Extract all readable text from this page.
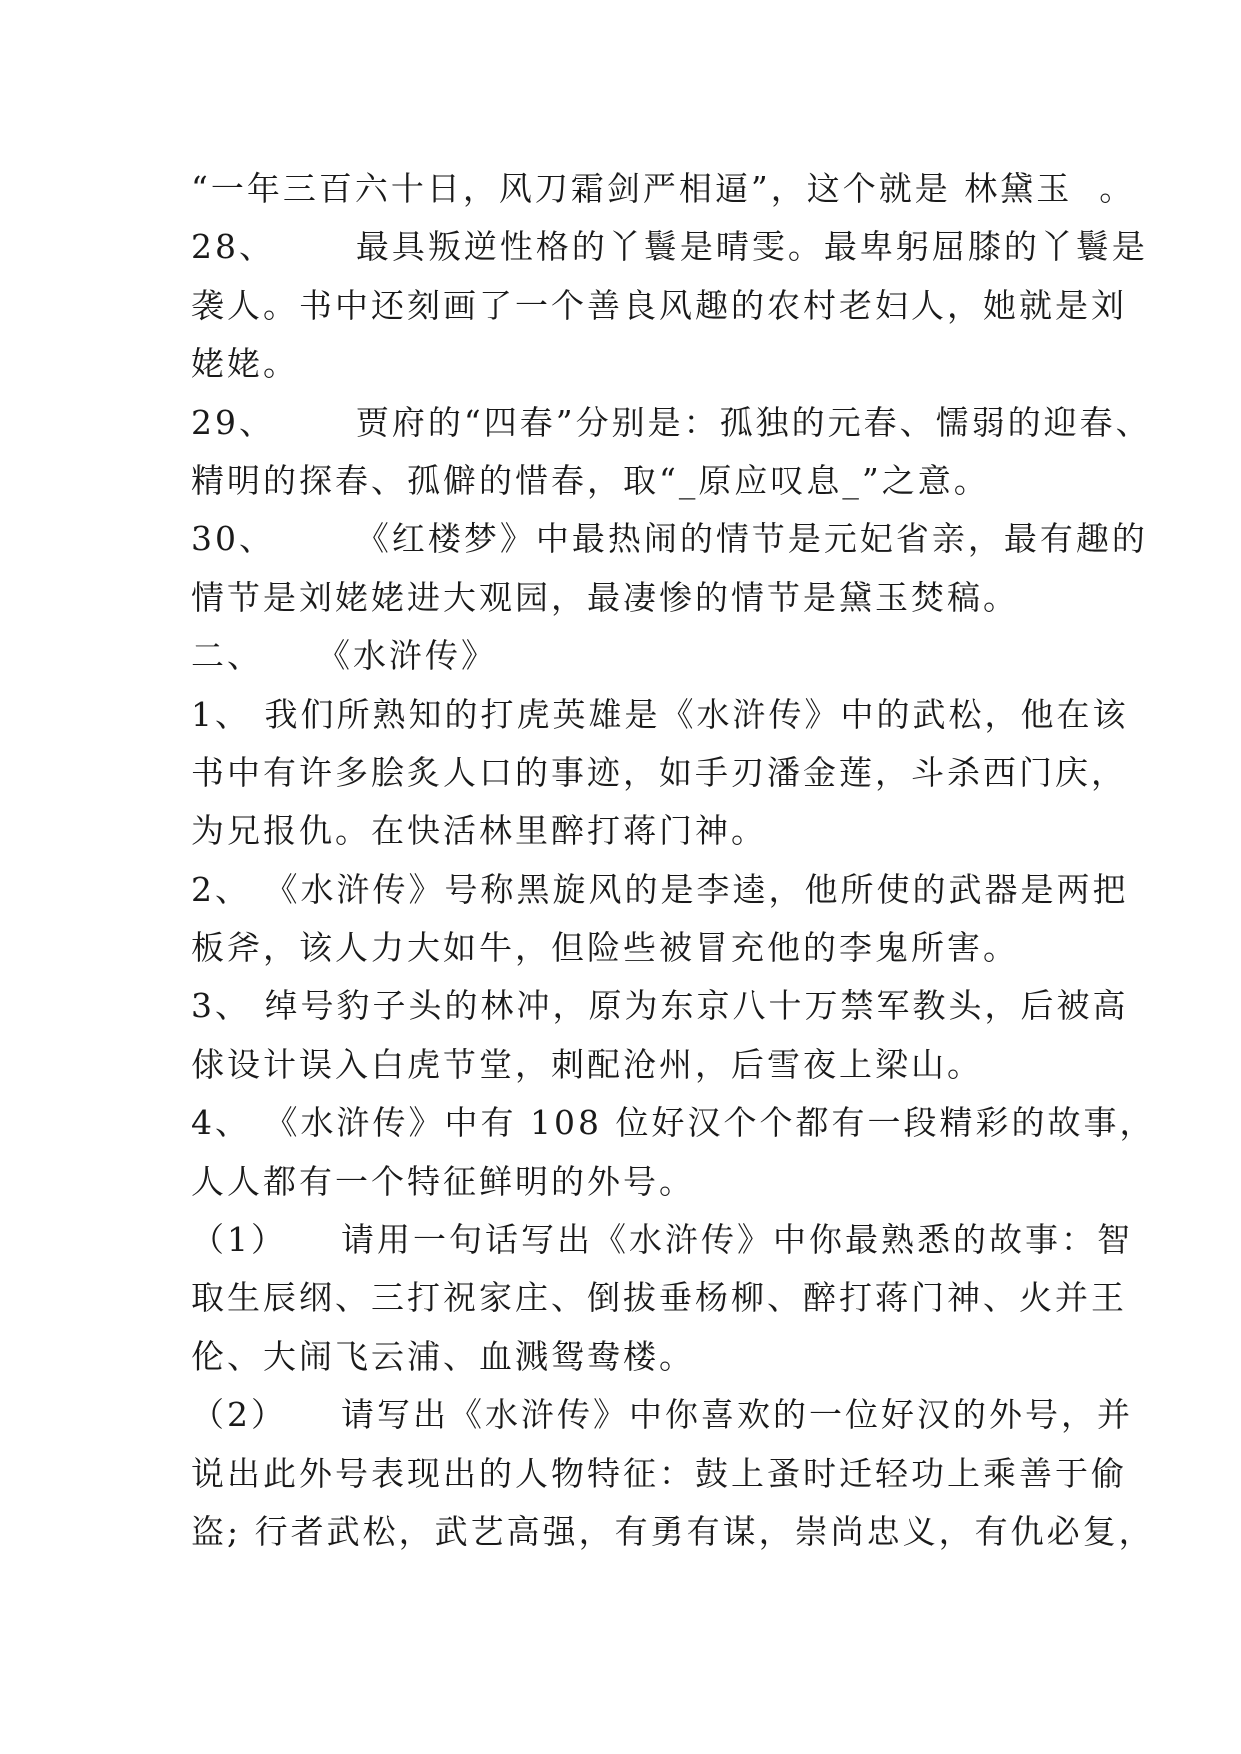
“一年三百六十日，风刀霜剑严相逼”，这个就是 林黛玉  。
28、      最具叛逆性格的丫鬟是晴雯。最卑躬屈膝的丫鬟是
袭人。书中还刻画了一个善良风趣的农村老妇人，她就是刘
姥姥。
29、      贾府的“四春”分别是：孤独的元春、懦弱的迎春、
精明的探春、孤僻的惜春，取“_原应叹息_”之意。
30、      《红楼梦》中最热闹的情节是元妃省亲，最有趣的
情节是刘姥姥进大观园，最凄惨的情节是黛玉焚稿。
二、    《水浒传》
1、 我们所熟知的打虎英雄是《水浒传》中的武松，他在该
书中有许多脍炙人口的事迹，如手刃潘金莲，斗杀西门庆，
为兄报仇。在快活林里醉打蒋门神。
2、 《水浒传》号称黑旋风的是李逵，他所使的武器是两把
板斧，该人力大如牛，但险些被冒充他的李鬼所害。
3、 绰号豹子头的林冲，原为东京八十万禁军教头，后被高
俅设计误入白虎节堂，刺配沧州，后雪夜上梁山。
4、 《水浒传》中有 108 位好汉个个都有一段精彩的故事，
人人都有一个特征鲜明的外号。
（1）    请用一句话写出《水浒传》中你最熟悉的故事：智
取生辰纲、三打祝家庄、倒拔垂杨柳、醉打蒋门神、火并王
伦、大闹飞云浦、血溅鸳鸯楼。
（2）    请写出《水浒传》中你喜欢的一位好汉的外号，并
说出此外号表现出的人物特征：鼓上蚤时迁轻功上乘善于偷
盗; 行者武松，武艺高强，有勇有谋，崇尚忠义，有仇必复，
